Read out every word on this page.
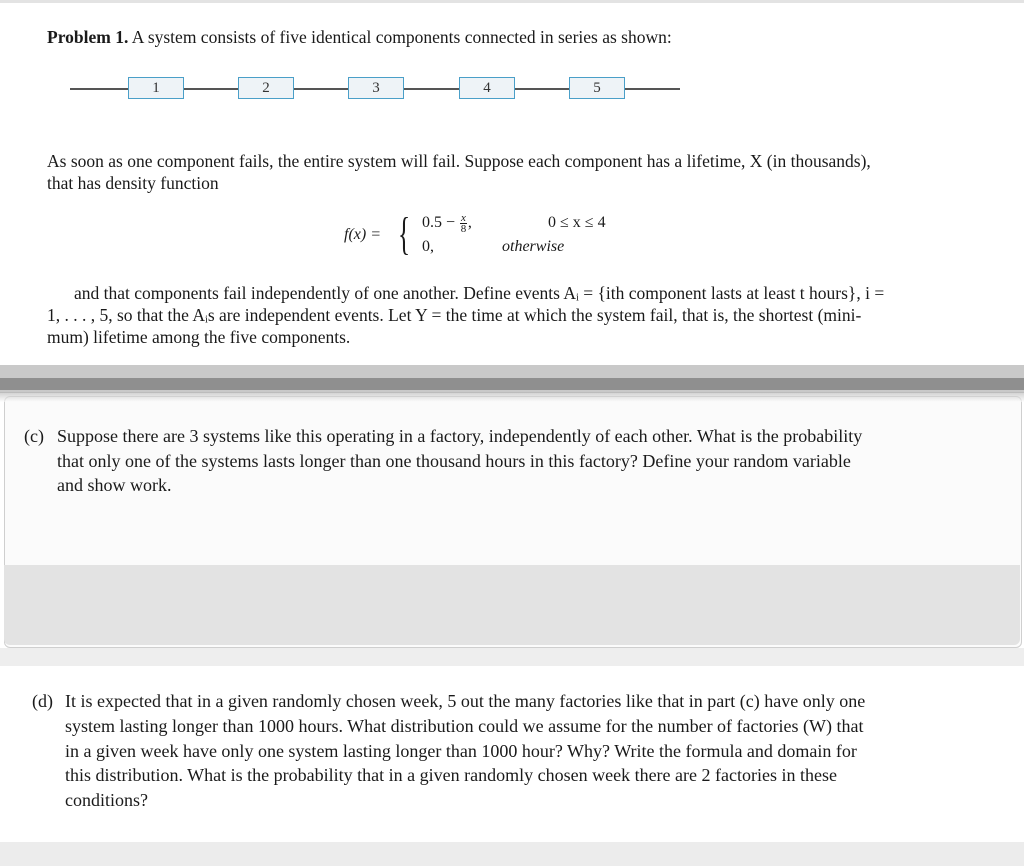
Problem 1. A system consists of five identical components connected in series as shown:
1	2	3	4	5
As soon as one component fails, the entire system will fail. Suppose each component has a lifetime, X (in thousands),
that has density function
f(x) = { $0.5 - \frac{x}{8}$ ,	0 ≤ x ≤ 4
0,	otherwise
and that components fail independently of one another. Define events Aᵢ = {ith component lasts at least t hours}, i =
1, . . . , 5, so that the Aᵢs are independent events. Let Y = the time at which the system fail, that is, the shortest (mini-
mum) lifetime among the five components.
(c) Suppose there are 3 systems like this operating in a factory, independently of each other. What is the probability
that only one of the systems lasts longer than one thousand hours in this factory? Define your random variable
and show work.
(d) It is expected that in a given randomly chosen week, 5 out the many factories like that in part (c) have only one
system lasting longer than 1000 hours. What distribution could we assume for the number of factories (W) that
in a given week have only one system lasting longer than 1000 hour? Why? Write the formula and domain for
this distribution. What is the probability that in a given randomly chosen week there are 2 factories in these
conditions?
